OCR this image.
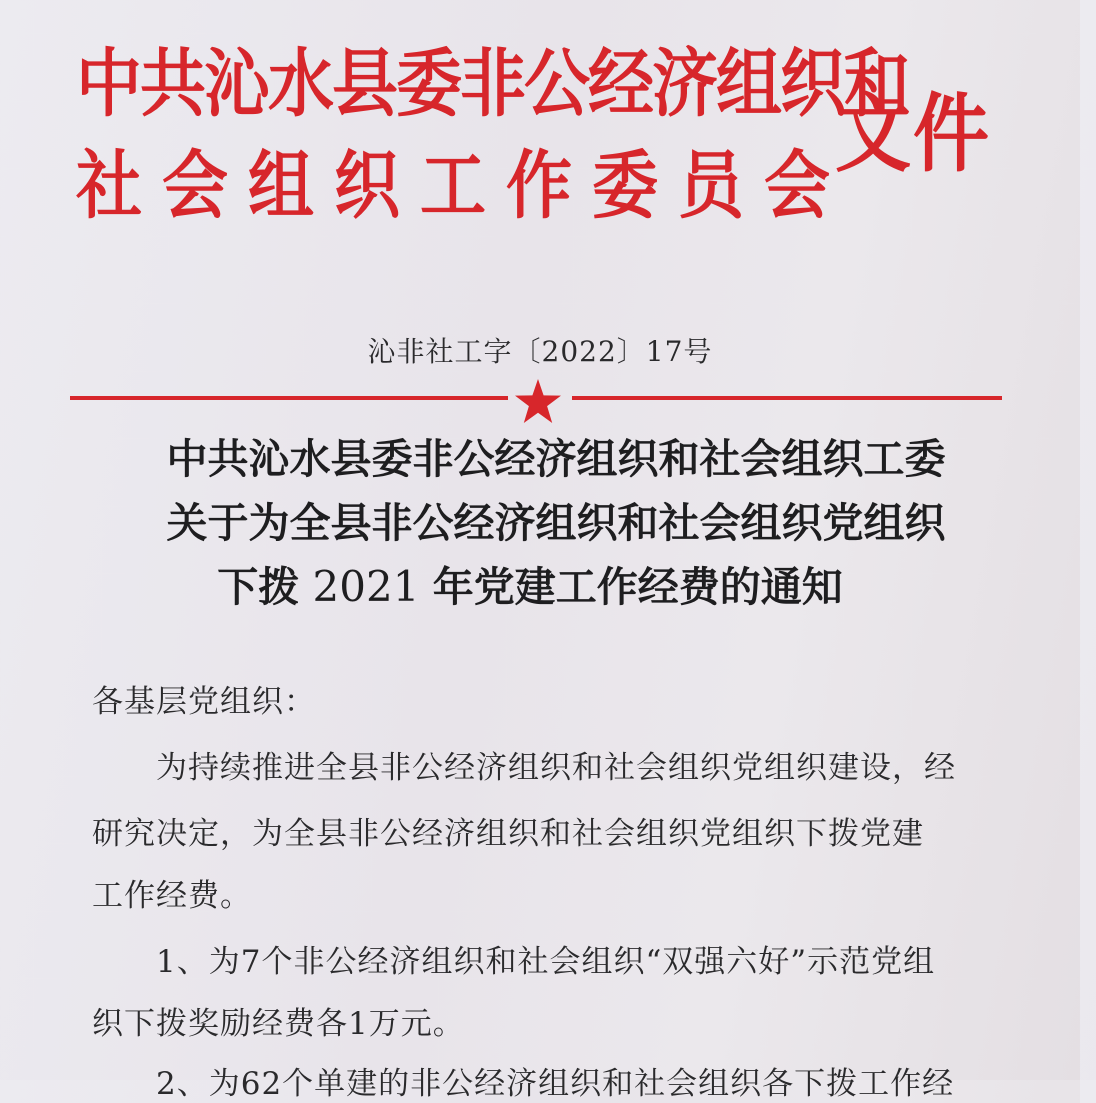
中共沁水县委非公经济组织和
社会组织工作委员会
文件
沁非社工字〔2022〕17号
中共沁水县委非公经济组织和社会组织工委
关于为全县非公经济组织和社会组织党组织
下拨 2021 年党建工作经费的通知
各基层党组织：
为持续推进全县非公经济组织和社会组织党组织建设，经
研究决定，为全县非公经济组织和社会组织党组织下拨党建
工作经费。
1、为7个非公经济组织和社会组织“双强六好”示范党组
织下拨奖励经费各1万元。
2、为62个单建的非公经济组织和社会组织各下拨工作经
